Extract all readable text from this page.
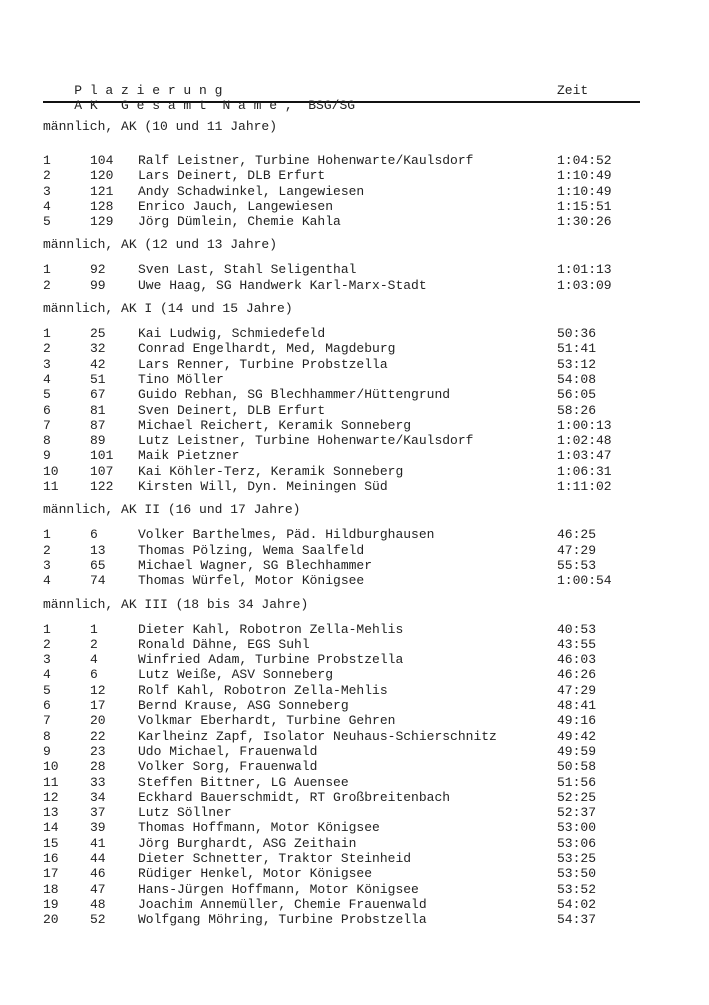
P l a z i e r u n g

A K   G e s a m t  N a m e ,  BSG/SG

Zeit

männlich, AK (10 und 11 Jahre)
1	104 Ralf Leistner, Turbine Hohenwarte/Kaulsdorf	1:04:52
2	120 Lars Deinert, DLB Erfurt	1:10:49
3	121 Andy Schadwinkel, Langewiesen	1:10:49
4	128 Enrico Jauch, Langewiesen	1:15:51
5	129 Jörg Dümlein, Chemie Kahla	1:30:26
männlich, AK (12 und 13 Jahre)
1	92 Sven Last, Stahl Seligenthal	1:01:13
2	99 Uwe Haag, SG Handwerk Karl-Marx-Stadt	1:03:09
männlich, AK I (14 und 15 Jahre)
1	25 Kai Ludwig, Schmiedefeld	50:36
2	32 Conrad Engelhardt, Med, Magdeburg	51:41
3	42 Lars Renner, Turbine Probstzella	53:12
4	51 Tino Möller	54:08
5	67 Guido Rebhan, SG Blechhammer/Hüttengrund	56:05
6	81 Sven Deinert, DLB Erfurt	58:26
7	87 Michael Reichert, Keramik Sonneberg	1:00:13
8	89 Lutz Leistner, Turbine Hohenwarte/Kaulsdorf	1:02:48
9	101 Maik Pietzner	1:03:47
10 107 Kai Köhler-Terz, Keramik Sonneberg	1:06:31
11 122 Kirsten Will, Dyn. Meiningen Süd	1:11:02
männlich, AK II (16 und 17 Jahre)
1	6	Volker Barthelmes, Päd. Hildburghausen	46:25
2	13 Thomas Pölzing, Wema Saalfeld	47:29
3	65 Michael Wagner, SG Blechhammer	55:53
4	74 Thomas Würfel, Motor Königsee	1:00:54
männlich, AK III (18 bis 34 Jahre)
1	1	Dieter Kahl, Robotron Zella-Mehlis	40:53
2	2	Ronald Dähne, EGS Suhl	43:55
3	4	Winfried Adam, Turbine Probstzella	46:03
4	6	Lutz Weiße, ASV Sonneberg	46:26
5	12 Rolf Kahl, Robotron Zella-Mehlis	47:29
6	17 Bernd Krause, ASG Sonneberg	48:41
7	20 Volkmar Eberhardt, Turbine Gehren	49:16
8	22 Karlheinz Zapf, Isolator Neuhaus-Schierschnitz	49:42
9	23 Udo Michael, Frauenwald	49:59
10 28 Volker Sorg, Frauenwald	50:58
11 33 Steffen Bittner, LG Auensee	51:56
12 34 Eckhard Bauerschmidt, RT Großbreitenbach	52:25
13 37 Lutz Söllner	52:37
14 39 Thomas Hoffmann, Motor Königsee	53:00
15 41 Jörg Burghardt, ASG Zeithain	53:06
16 44 Dieter Schnetter, Traktor Steinheid	53:25
17 46 Rüdiger Henkel, Motor Königsee	53:50
18 47 Hans-Jürgen Hoffmann, Motor Königsee	53:52
19 48 Joachim Annemüller, Chemie Frauenwald	54:02
20 52 Wolfgang Möhring, Turbine Probstzella	54:37
